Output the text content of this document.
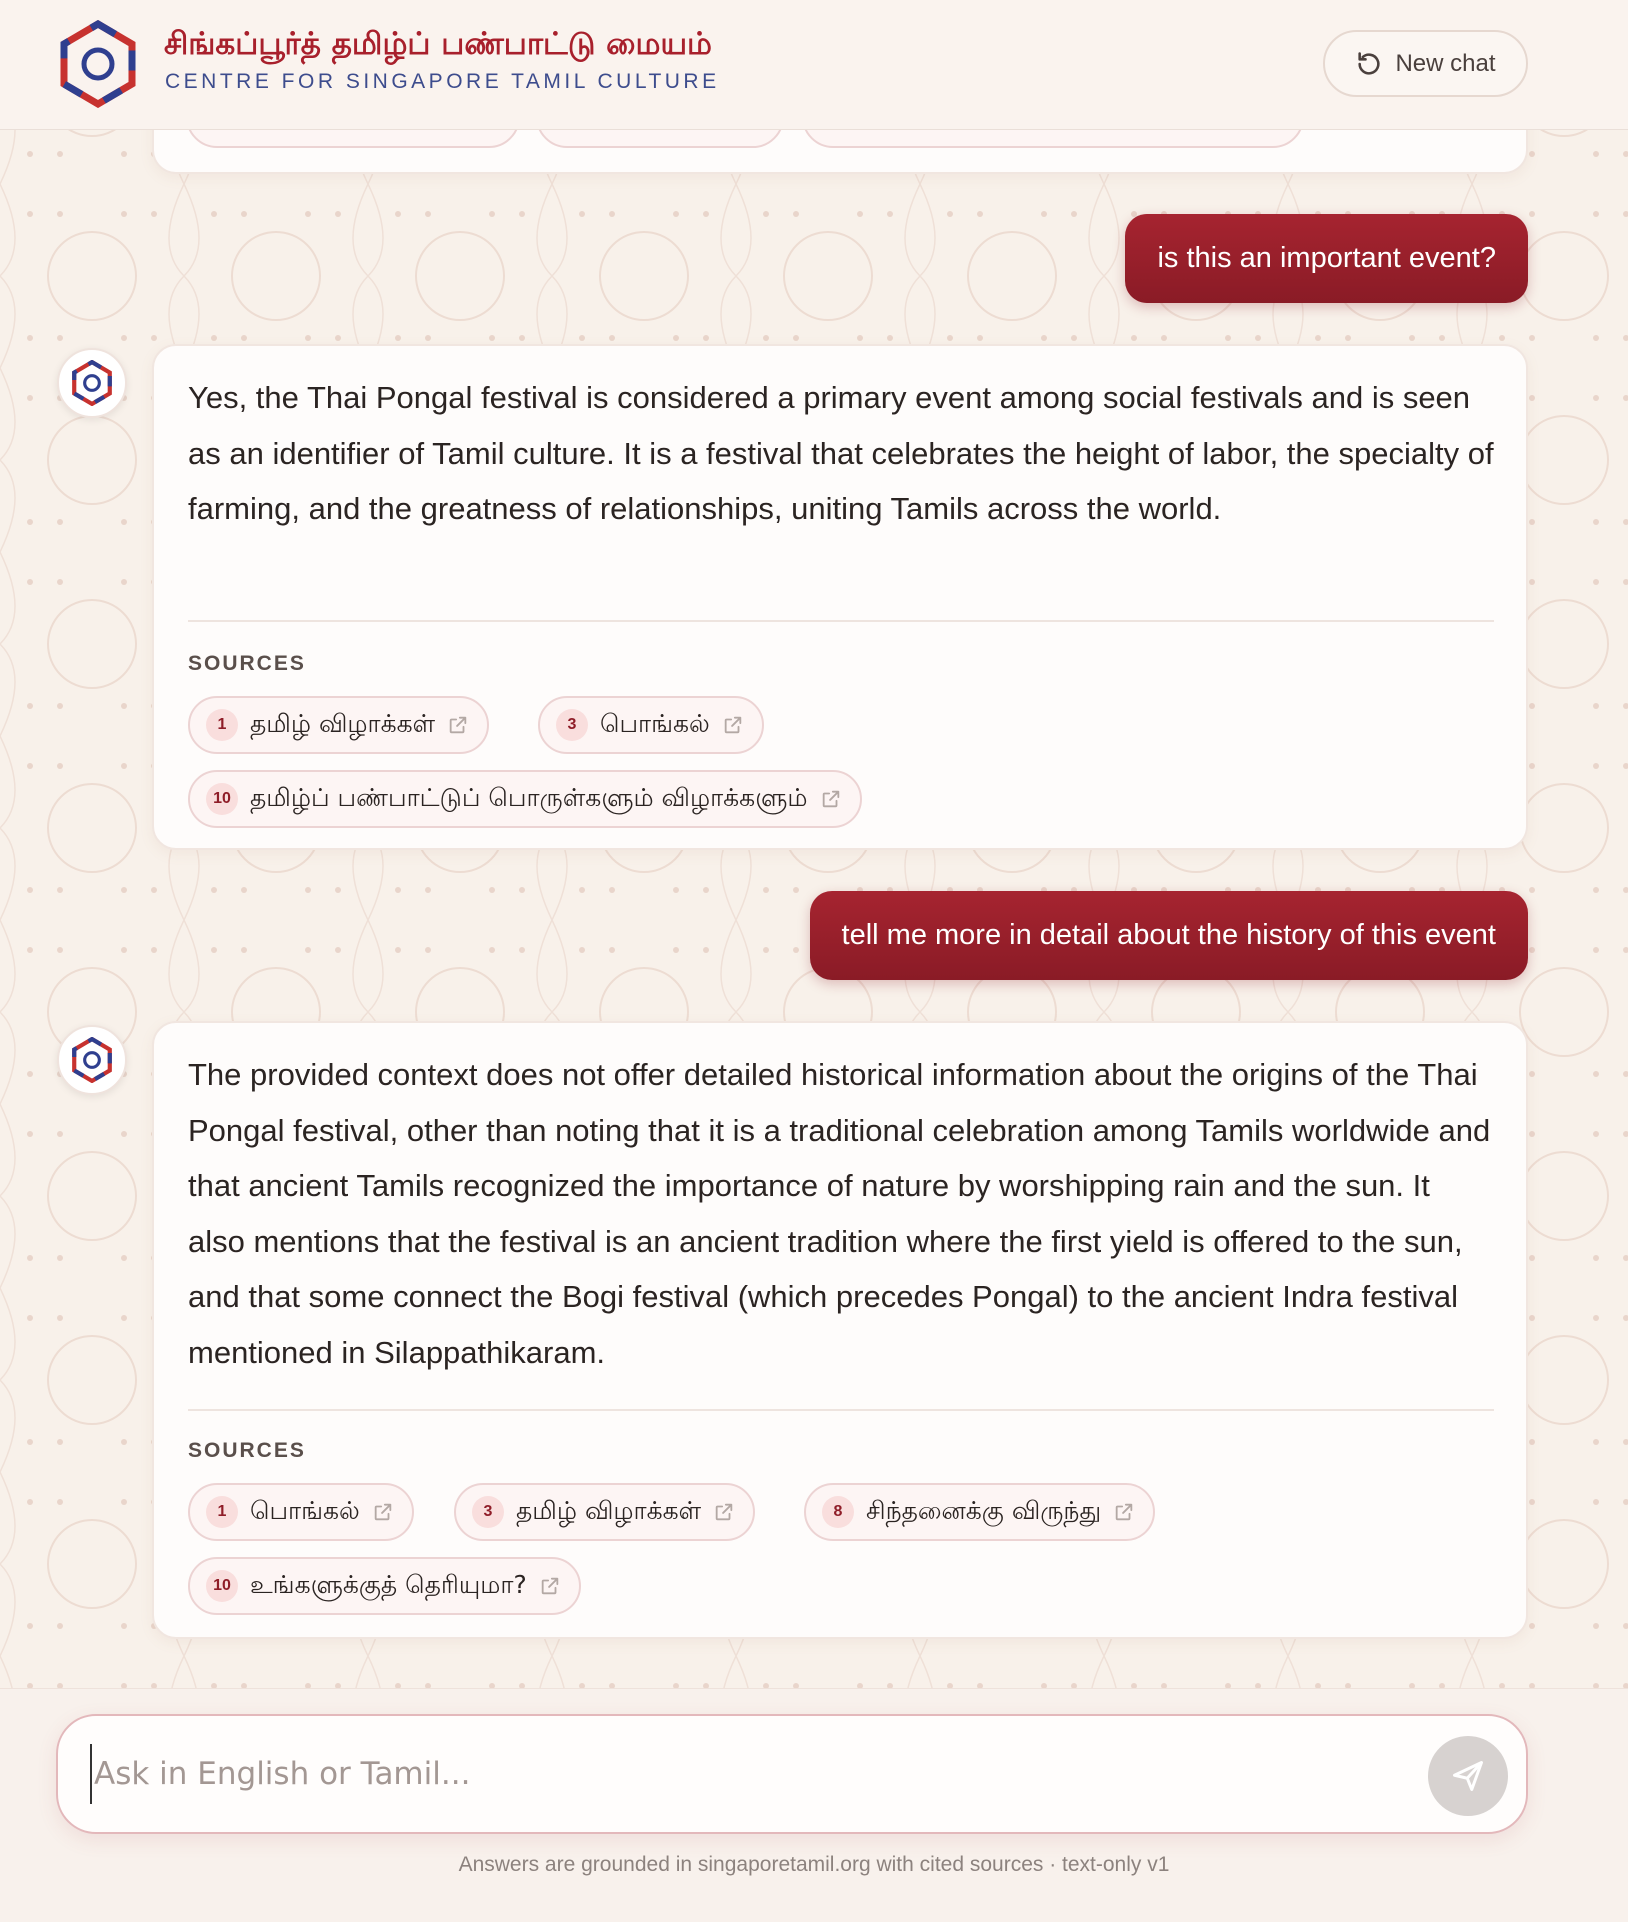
சிங்கப்பூர்த் தமிழ்ப் பண்பாட்டு மையம்
CENTRE FOR SINGAPORE TAMIL CULTURE
New chat
is this an important event?
Yes, the Thai Pongal festival is considered a primary event among social festivals and is seen as an identifier of Tamil culture. It is a festival that celebrates the height of labor, the specialty of farming, and the greatness of relationships, uniting Tamils across the world.
SOURCES
1 தமிழ் விழாக்கள்	3 பொங்கல்
10 தமிழ்ப் பண்பாட்டுப் பொருள்களும் விழாக்களும்
tell me more in detail about the history of this event
The provided context does not offer detailed historical information about the origins of the Thai Pongal festival, other than noting that it is a traditional celebration among Tamils worldwide and that ancient Tamils recognized the importance of nature by worshipping rain and the sun. It also mentions that the festival is an ancient tradition where the first yield is offered to the sun, and that some connect the Bogi festival (which precedes Pongal) to the ancient Indra festival mentioned in Silappathikaram.
SOURCES
1 பொங்கல்	3 தமிழ் விழாக்கள்	8 சிந்தனைக்கு விருந்து
10 உங்களுக்குத் தெரியுமா?
Ask in English or Tamil...
Answers are grounded in singaporetamil.org with cited sources · text-only v1
